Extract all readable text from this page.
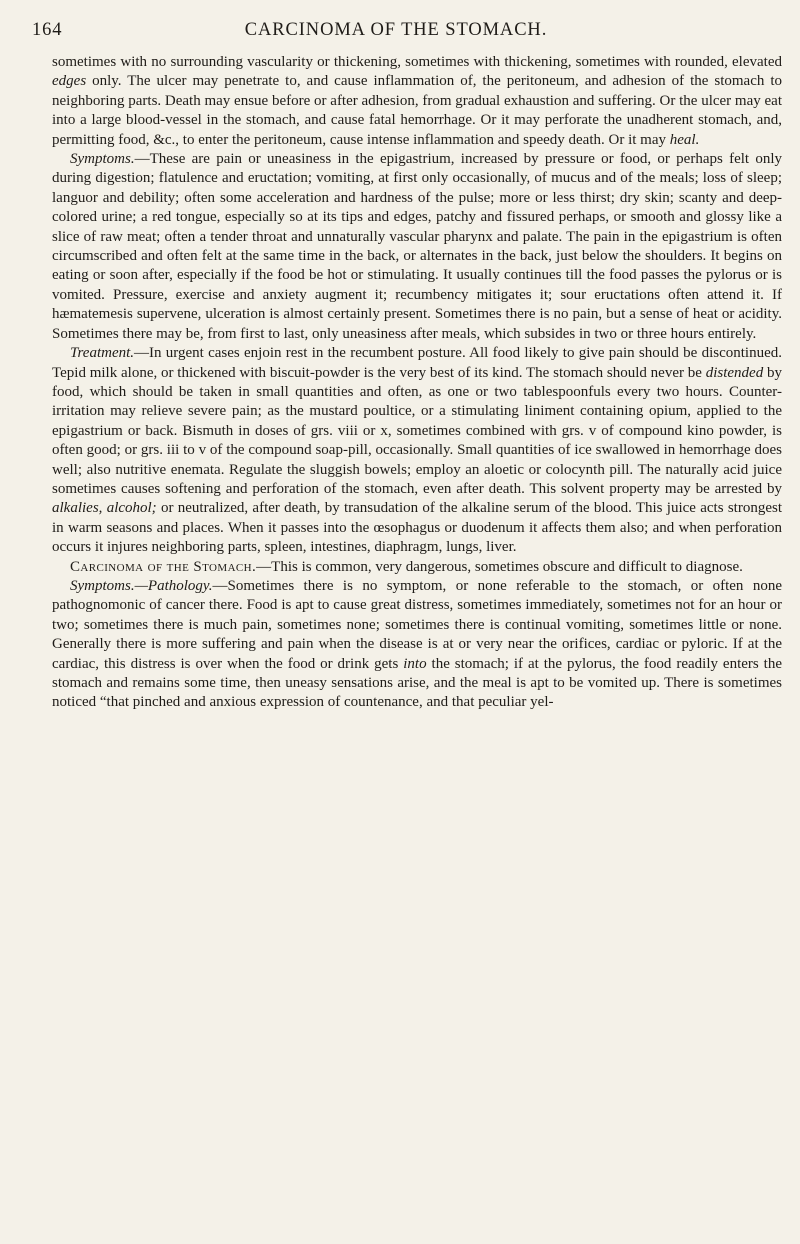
164	CARCINOMA OF THE STOMACH.

sometimes with no surrounding vascularity or thickening, sometimes with thickening, sometimes with rounded, elevated edges only. The ulcer may penetrate to, and cause inflammation of, the peritoneum, and adhesion of the stomach to neighboring parts. Death may ensue before or after adhesion, from gradual exhaustion and suffering. Or the ulcer may eat into a large blood-vessel in the stomach, and cause fatal hemorrhage. Or it may perforate the unadherent stomach, and, permitting food, &c., to enter the peritoneum, cause intense inflammation and speedy death. Or it may heal.

Symptoms.—These are pain or uneasiness in the epigastrium, increased by pressure or food, or perhaps felt only during digestion; flatulence and eructation; vomiting, at first only occasionally, of mucus and of the meals; loss of sleep; languor and debility; often some acceleration and hardness of the pulse; more or less thirst; dry skin; scanty and deep-colored urine; a red tongue, especially so at its tips and edges, patchy and fissured perhaps, or smooth and glossy like a slice of raw meat; often a tender throat and unnaturally vascular pharynx and palate. The pain in the epigastrium is often circumscribed and often felt at the same time in the back, or alternates in the back, just below the shoulders. It begins on eating or soon after, especially if the food be hot or stimulating. It usually continues till the food passes the pylorus or is vomited. Pressure, exercise and anxiety augment it; recumbency mitigates it; sour eructations often attend it. If hæmatemesis supervene, ulceration is almost certainly present. Sometimes there is no pain, but a sense of heat or acidity. Sometimes there may be, from first to last, only uneasiness after meals, which subsides in two or three hours entirely.

Treatment.—In urgent cases enjoin rest in the recumbent posture. All food likely to give pain should be discontinued. Tepid milk alone, or thickened with biscuit-powder is the very best of its kind. The stomach should never be distended by food, which should be taken in small quantities and often, as one or two tablespoonfuls every two hours. Counter-irritation may relieve severe pain; as the mustard poultice, or a stimulating liniment containing opium, applied to the epigastrium or back. Bismuth in doses of grs. viii or x, sometimes combined with grs. v of compound kino powder, is often good; or grs. iii to v of the compound soap-pill, occasionally. Small quantities of ice swallowed in hemorrhage does well; also nutritive enemata. Regulate the sluggish bowels; employ an aloetic or colocynth pill. The naturally acid juice sometimes causes softening and perforation of the stomach, even after death. This solvent property may be arrested by alkalies, alcohol; or neutralized, after death, by transudation of the alkaline serum of the blood. This juice acts strongest in warm seasons and places. When it passes into the œsophagus or duodenum it affects them also; and when perforation occurs it injures neighboring parts, spleen, intestines, diaphragm, lungs, liver.

Carcinoma of the Stomach.—This is common, very dangerous, sometimes obscure and difficult to diagnose.

Symptoms.—Pathology.—Sometimes there is no symptom, or none referable to the stomach, or often none pathognomonic of cancer there. Food is apt to cause great distress, sometimes immediately, sometimes not for an hour or two; sometimes there is much pain, sometimes none; sometimes there is continual vomiting, sometimes little or none. Generally there is more suffering and pain when the disease is at or very near the orifices, cardiac or pyloric. If at the cardiac, this distress is over when the food or drink gets into the stomach; if at the pylorus, the food readily enters the stomach and remains some time, then uneasy sensations arise, and the meal is apt to be vomited up. There is sometimes noticed “that pinched and anxious expression of countenance, and that peculiar yel-
